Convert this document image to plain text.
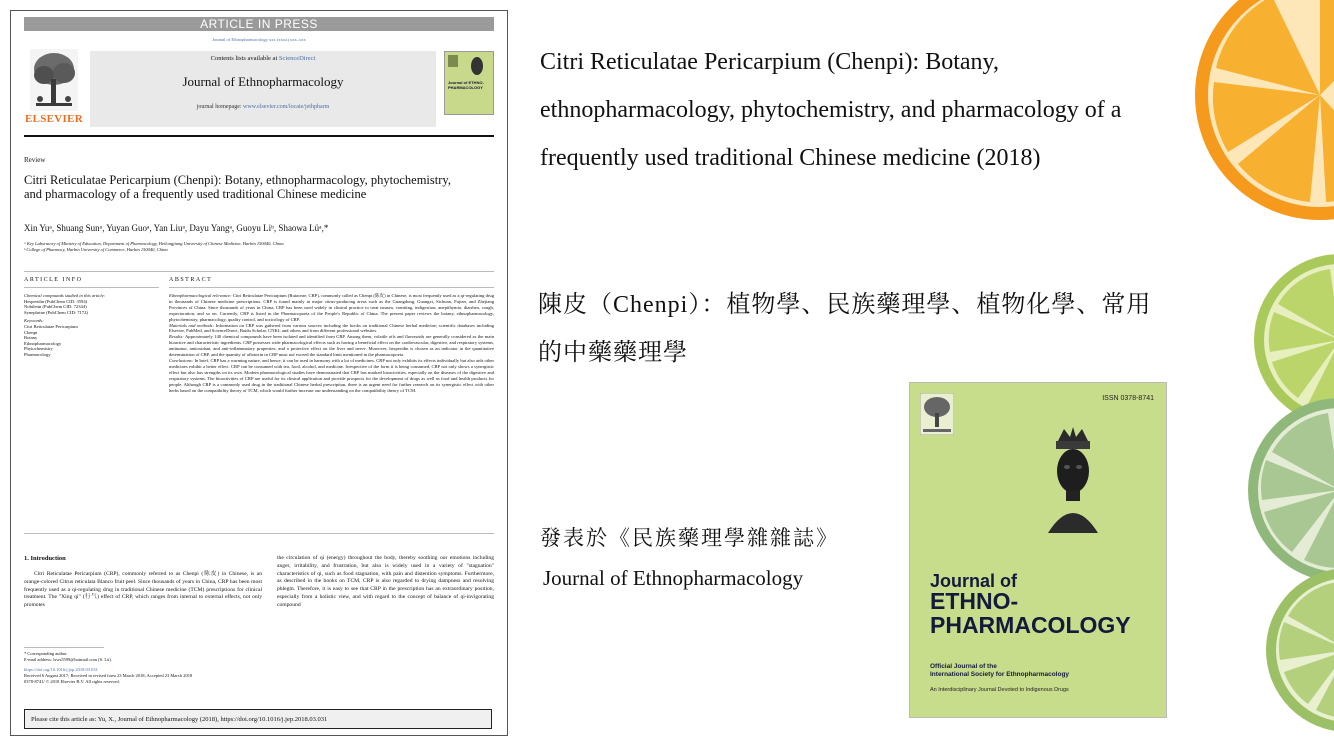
ARTICLE IN PRESS
Journal of Ethnopharmacology xxx (xxxx) xxx–xxx
ELSEVIER
Contents lists available at ScienceDirect
Journal of Ethnopharmacology
journal homepage: www.elsevier.com/locate/jethpharm
Journal of ETHNO-PHARMACOLOGY
Review
Citri Reticulatae Pericarpium (Chenpi): Botany, ethnopharmacology, phytochemistry, and pharmacology of a frequently used traditional Chinese medicine
Xin Yuᵃ, Shuang Sunᵃ, Yuyan Guoᵃ, Yan Liuᵃ, Dayu Yangᵃ, Guoyu Liᵇ, Shaowa Lüᵃ,*
ᵃ Key Laboratory of Ministry of Education, Department of Pharmacology, Heilongjiang University of Chinese Medicine, Harbin 150040, China
ᵇ College of Pharmacy, Harbin University of Commerce, Harbin 150040, China
ARTICLE INFO	ABSTRACT
Chemical compounds studied in this article:
Hesperidin (PubChem CID: 3594)
Nobiletin (PubChem CID: 72344)
Synephrine (PubChem CID: 7172)
Keywords:
Citri Reticulatae Pericarpium
Chenpi
Botany
Ethnopharmacology
Phytochemistry
Pharmacology
Ethnopharmacological relevance: Citri Reticulatae Pericarpium (Rutaceae, CRP), commonly called as Chenpi (陈皮) in Chinese, is most frequently used as a qi-regulating drug in thousands of Chinese medicine prescriptions. CRP is found mainly in major citrus-producing areas such as the Guangdong, Guangxi, Sichuan, Fujian, and Zhejiang Provinces of China. Since thousands of years in China, CRP has been used widely in clinical practice to treat nausea, vomiting, indigestion, anepithymia, diarrhea, cough, expectoration, and so on. Currently, CRP is listed in the Pharmacopoeia of the People's Republic of China. The present paper reviews the botany, ethnopharmacology, phytochemistry, pharmacology, quality control, and toxicology of CRP.
Materials and methods: Information on CRP was gathered from various sources including the books on traditional Chinese herbal medicine; scientific databases including Elsevier, PubMed, and ScienceDirect, Baidu Scholar, CNKI; and others and from different professional websites.
Results: Approximately 140 chemical compounds have been isolated and identified from CRP. Among them, volatile oils and flavonoids are generally considered as the main bioactive and characteristic ingredients. CRP possesses wide pharmacological effects such as having a beneficial effect on the cardiovascular, digestive, and respiratory systems, antitumor, antioxidant, and anti-inflammatory properties; and a protective effect on the liver and nerve. Moreover, hesperidin is chosen as an indicator in the quantitative determination of CRP, and the quantity of aflatoxin in CRP must not exceed the standard limit mentioned in the pharmacopoeia.
Conclusions: In brief, CRP has a warming nature, and hence, it can be used in harmony with a lot of medicines. CRP not only exhibits its effects individually but also aids other medicines exhibit a better effect. CRP can be consumed with tea, food, alcohol, and medicine. Irrespective of the form it is being consumed, CRP not only shows a synergistic effect but also has strengths on its own. Modern pharmacological studies have demonstrated that CRP has marked bioactivities, especially on the diseases of the digestive and respiratory systems. The bioactivities of CRP are useful for its clinical application and provide prospects for the development of drugs as well as food and health products for people. Although CRP is a commonly used drug in the traditional Chinese herbal prescription, there is an urgent need for further research on its synergistic effect with other herbs based on the compatibility theory of TCM, which would further increase our understanding on the compatibility theory of TCM.
1. Introduction
Citri Reticulatae Pericarpium (CRP), commonly referred to as Chenpi (陈皮) in Chinese, is an orange-colored Citrus reticulata Blanco fruit peel. Since thousands of years in China, CRP has been most frequently used as a qi-regulating drug in traditional Chinese medicine (TCM) prescriptions for clinical treatment. The "Xing qi" (行气) effect of CRP, which ranges from internal to external effects, not only promotes
the circulation of qi (energy) throughout the body, thereby soothing our emotions including anger, irritability, and frustration, but also is widely used in a variety of "stagnation" characteristics of qi, such as food stagnation, with pain and distention symptoms. Furthermore, as described in the books on TCM, CRP is also regarded to drying dampness and resolving phlegm. Therefore, it is easy to see that CRP in the prescription has an extraordinary position, especially from a holistic view, and with regard to the concept of balance of qi-invigorating compound
* Corresponding author.
E-mail address: lsws5599@hotmail.com (S. Lü).
https://doi.org/10.1016/j.jep.2018.03.031
Received 6 August 2017; Received in revised form 23 March 2018; Accepted 23 March 2018
0378-8741/ © 2018 Elsevier B.V. All rights reserved.
Please cite this article as: Yu, X., Journal of Ethnopharmacology (2018), https://doi.org/10.1016/j.jep.2018.03.031
Citri Reticulatae Pericarpium (Chenpi): Botany, ethnopharmacology, phytochemistry, and pharmacology of a frequently used traditional Chinese medicine (2018)
陳皮（Chenpi）：植物學、民族藥理學、植物化學、常用的中藥藥理學
ISSN 0378-8741
Journal of
ETHNO-
PHARMACOLOGY
Official Journal of the
International Society for Ethnopharmacology
An Interdisciplinary Journal Devoted to Indigenous Drugs
發表於《民族藥理學雜雜誌》
Journal of Ethnopharmacology
